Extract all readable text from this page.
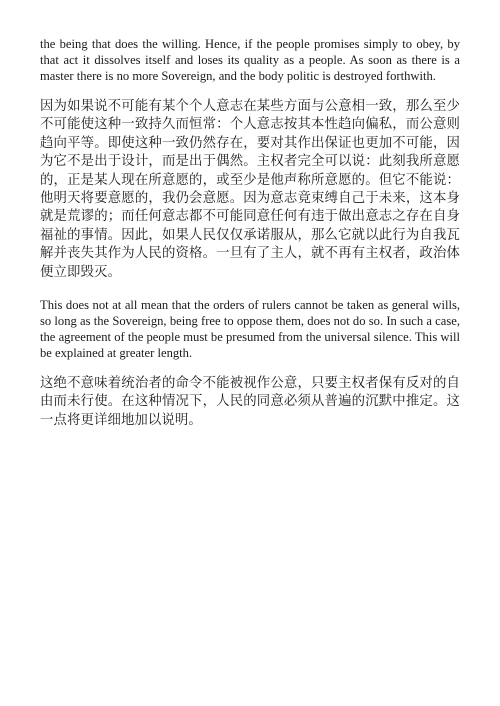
the being that does the willing. Hence, if the people promises simply to obey, by that act it dissolves itself and loses its quality as a people. As soon as there is a master there is no more Sovereign, and the body politic is destroyed forthwith.

因为如果说不可能有某个个人意志在某些方面与公意相一致，那么至少不可能使这种一致持久而恒常：个人意志按其本性趋向偏私，而公意则趋向平等。即使这种一致仍然存在，要对其作出保证也更加不可能，因为它不是出于设计，而是出于偶然。主权者完全可以说：此刻我所意愿的，正是某人现在所意愿的，或至少是他声称所意愿的。但它不能说：他明天将要意愿的，我仍会意愿。因为意志竟束缚自己于未来，这本身就是荒谬的；而任何意志都不可能同意任何有违于做出意志之存在自身福祉的事情。因此，如果人民仅仅承诺服从，那么它就以此行为自我瓦解并丧失其作为人民的资格。一旦有了主人，就不再有主权者，政治体便立即毁灭。

This does not at all mean that the orders of rulers cannot be taken as general wills, so long as the Sovereign, being free to oppose them, does not do so. In such a case, the agreement of the people must be presumed from the universal silence. This will be explained at greater length.

这绝不意味着统治者的命令不能被视作公意，只要主权者保有反对的自由而未行使。在这种情况下，人民的同意必须从普遍的沉默中推定。这一点将更详细地加以说明。
